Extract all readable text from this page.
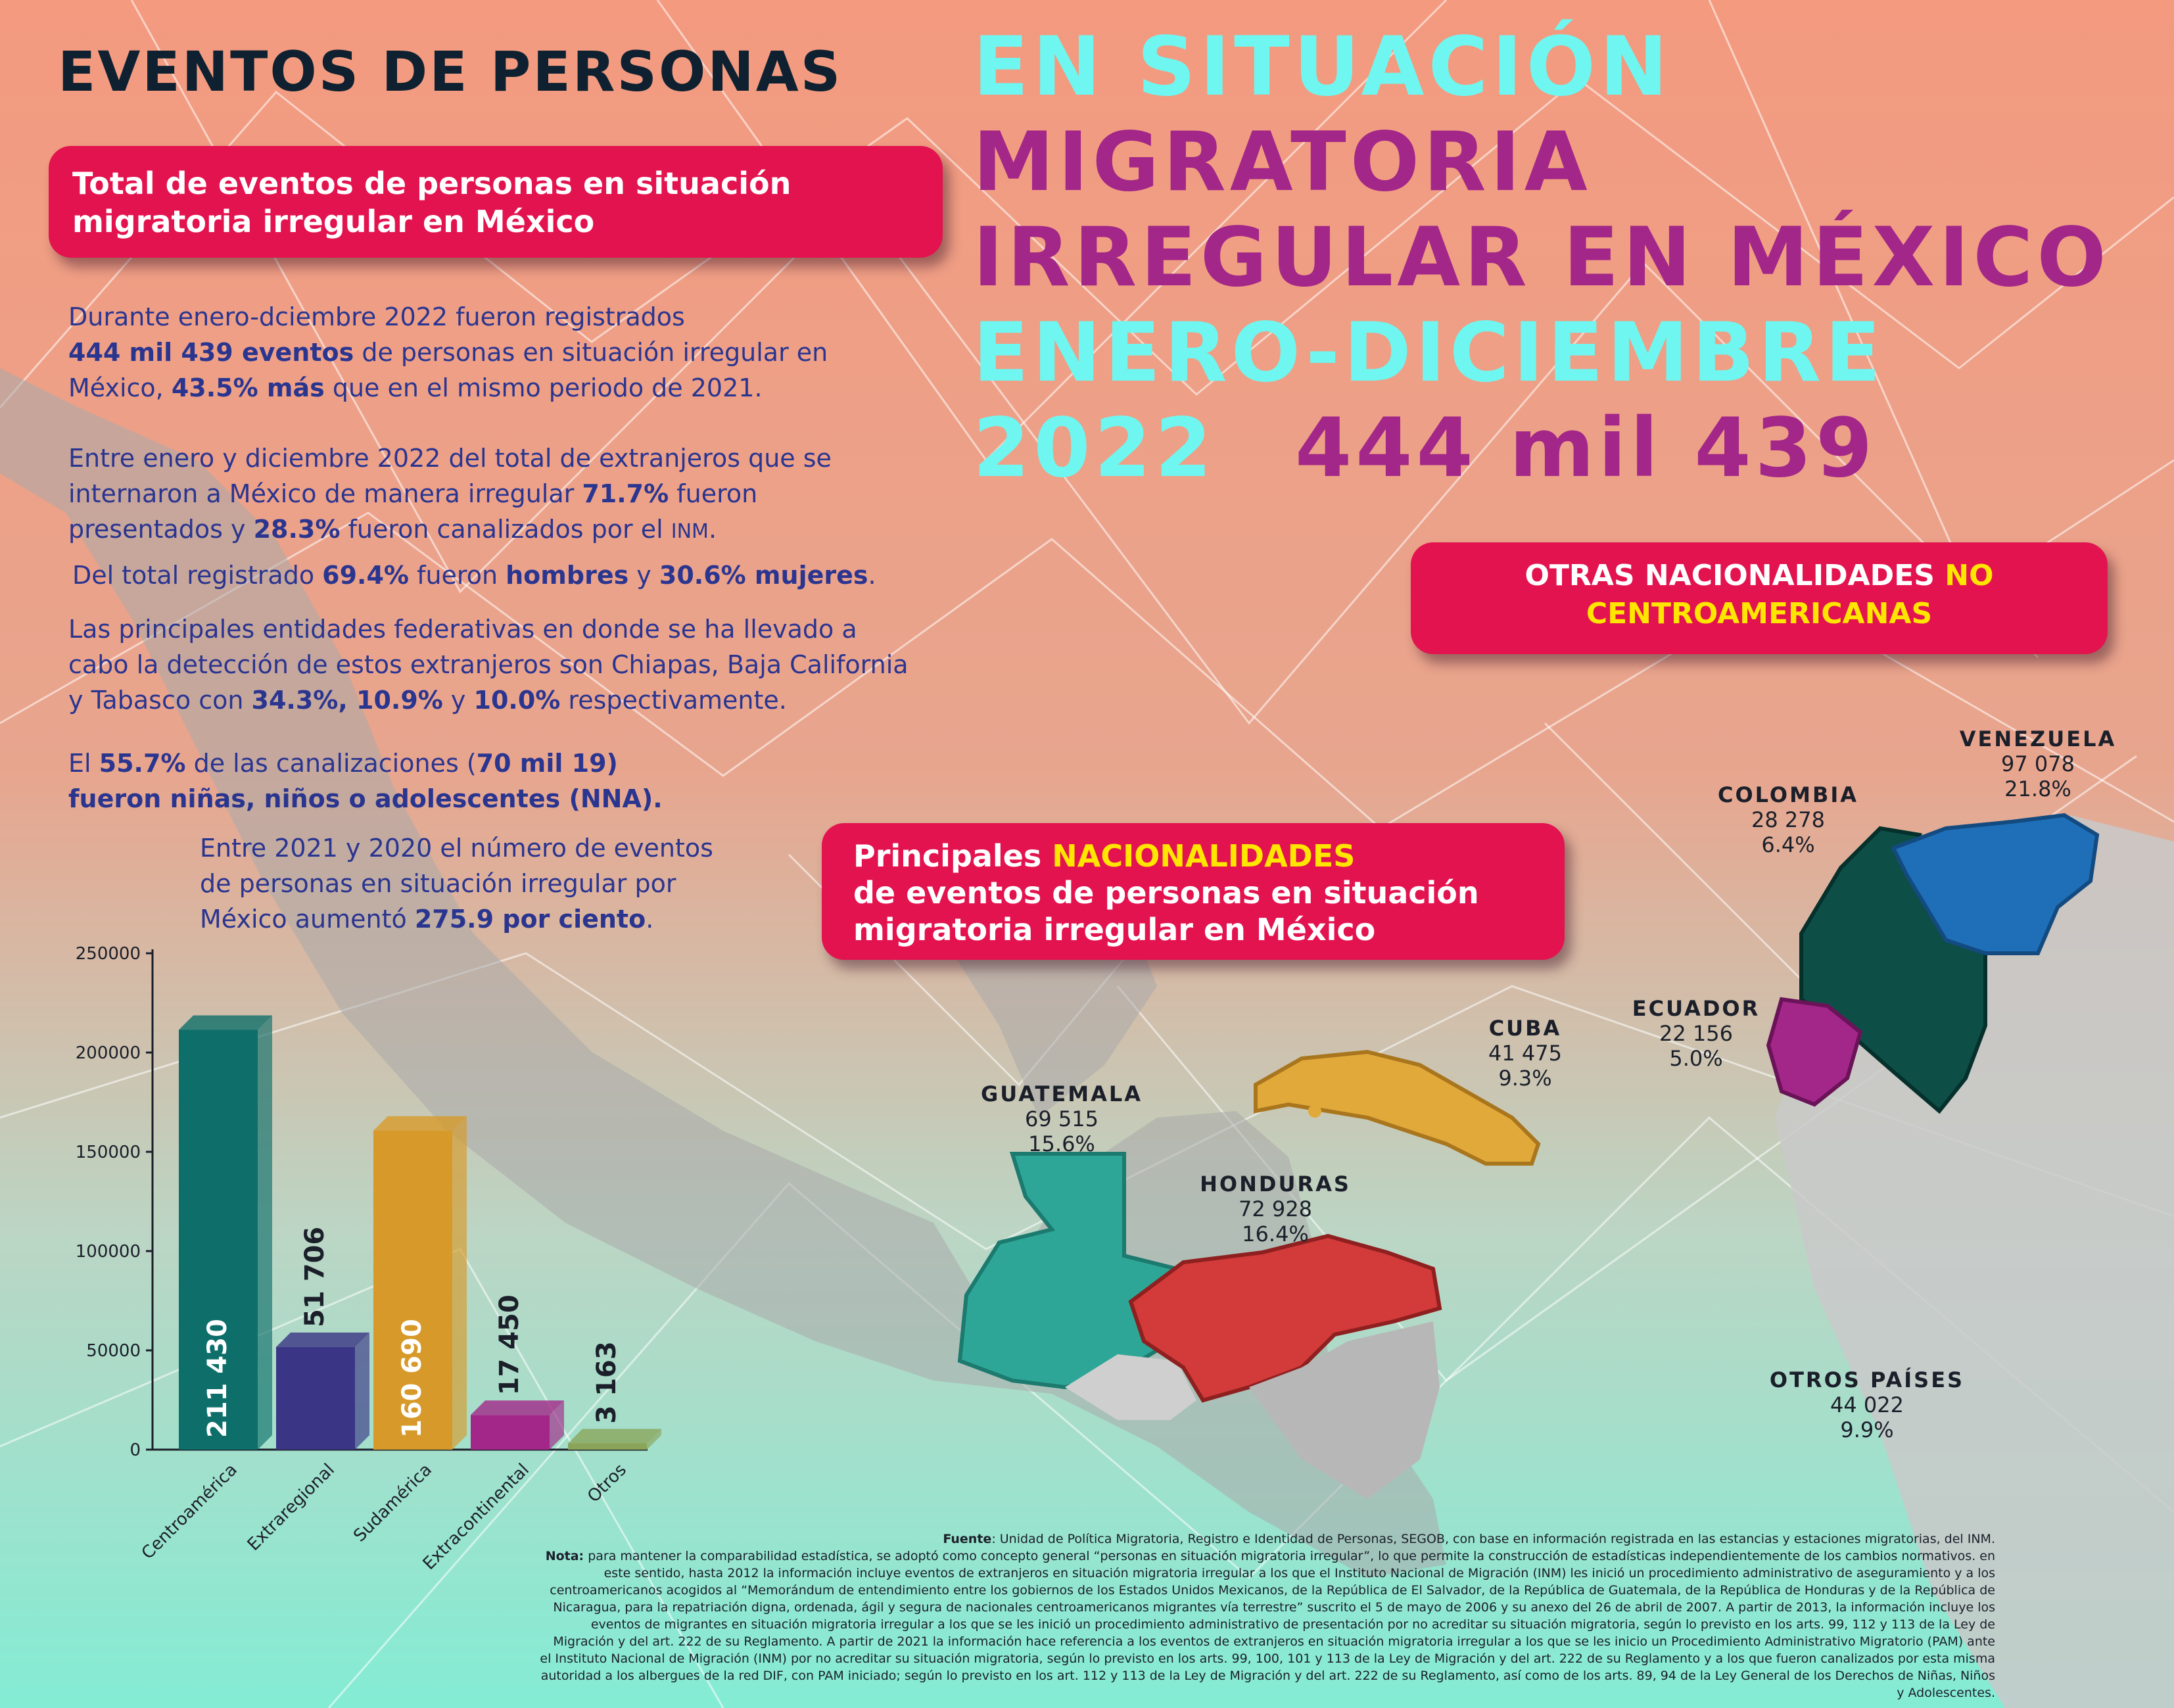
EVENTOS DE PERSONAS EN SITUACIÓN
MIGRATORIA
IRREGULAR EN MÉXICO
ENERO-DICIEMBRE
2022 444 mil 439
Total de eventos de personas en situación
migratoria irregular en México
OTRAS NACIONALIDADES NO
CENTROAMERICANAS
Principales NACIONALIDADES
de eventos de personas en situación
migratoria irregular en México
Durante enero-dciembre 2022 fueron registrados
444 mil 439 eventos de personas en situación irregular en
México, 43.5% más que en el mismo periodo de 2021.
Entre enero y diciembre 2022 del total de extranjeros que se
internaron a México de manera irregular 71.7% fueron
presentados y 28.3% fueron canalizados por el INM.
Del total registrado 69.4% fueron hombres y 30.6% mujeres.
Las principales entidades federativas en donde se ha llevado a
cabo la detección de estos extranjeros son Chiapas, Baja California
y Tabasco con 34.3%, 10.9% y 10.0% respectivamente.
El 55.7% de las canalizaciones (70 mil 19)
fueron niñas, niños o adolescentes (NNA).
Entre 2021 y 2020 el número de eventos
de personas en situación irregular por
México aumentó 275.9 por ciento.
250000
200000
150000
100000
50000
0
211 430
Centroamérica
51 706
Extraregional
160 690
Sudamérica
17 450
Extracontinental
3 163
Otros
GUATEMALA
69 515
15.6%
HONDURAS
72 928
16.4%
CUBA
41 475
9.3%
COLOMBIA
28 278
6.4%
VENEZUELA
97 078
21.8%
ECUADOR
22 156
5.0%
OTROS PAÍSES
44 022
9.9%
Fuente: Unidad de Política Migratoria, Registro e Identidad de Personas, SEGOB, con base en información registrada en las estancias y estaciones migratorias, del INM.
Nota: para mantener la comparabilidad estadística, se adoptó como concepto general “personas en situación migratoria irregular”, lo que permite la construcción de estadísticas independientemente de los cambios normativos. en este sentido, hasta 2012 la información incluye eventos de extranjeros en situación migratoria irregular a los que el Instituto Nacional de Migración (INM) les inició un procedimiento administrativo de aseguramiento y a los centroamericanos acogidos al “Memorándum de entendimiento entre los gobiernos de los Estados Unidos Mexicanos, de la República de El Salvador, de la República de Guatemala, de la República de Honduras y de la República de Nicaragua, para la repatriación digna, ordenada, ágil y segura de nacionales centroamericanos migrantes vía terrestre” suscrito el 5 de mayo de 2006 y su anexo del 26 de abril de 2007. A partir de 2013, la información incluye los eventos de migrantes en situación migratoria irregular a los que se les inició un procedimiento administrativo de presentación por no acreditar su situación migratoria, según lo previsto en los arts. 99, 112 y 113 de la Ley de Migración y del art. 222 de su Reglamento. A partir de 2021 la información hace referencia a los eventos de extranjeros en situación migratoria irregular a los que se les inicio un Procedimiento Administrativo Migratorio (PAM) ante el Instituto Nacional de Migración (INM) por no acreditar su situación migratoria, según lo previsto en los arts. 99, 100, 101 y 113 de la Ley de Migración y del art. 222 de su Reglamento y a los que fueron canalizados por esta misma autoridad a los albergues de la red DIF, con PAM iniciado; según lo previsto en los art. 112 y 113 de la Ley de Migración y del art. 222 de su Reglamento, así como de los arts. 89, 94 de la Ley General de los Derechos de Niñas, Niños y Adolescentes.
